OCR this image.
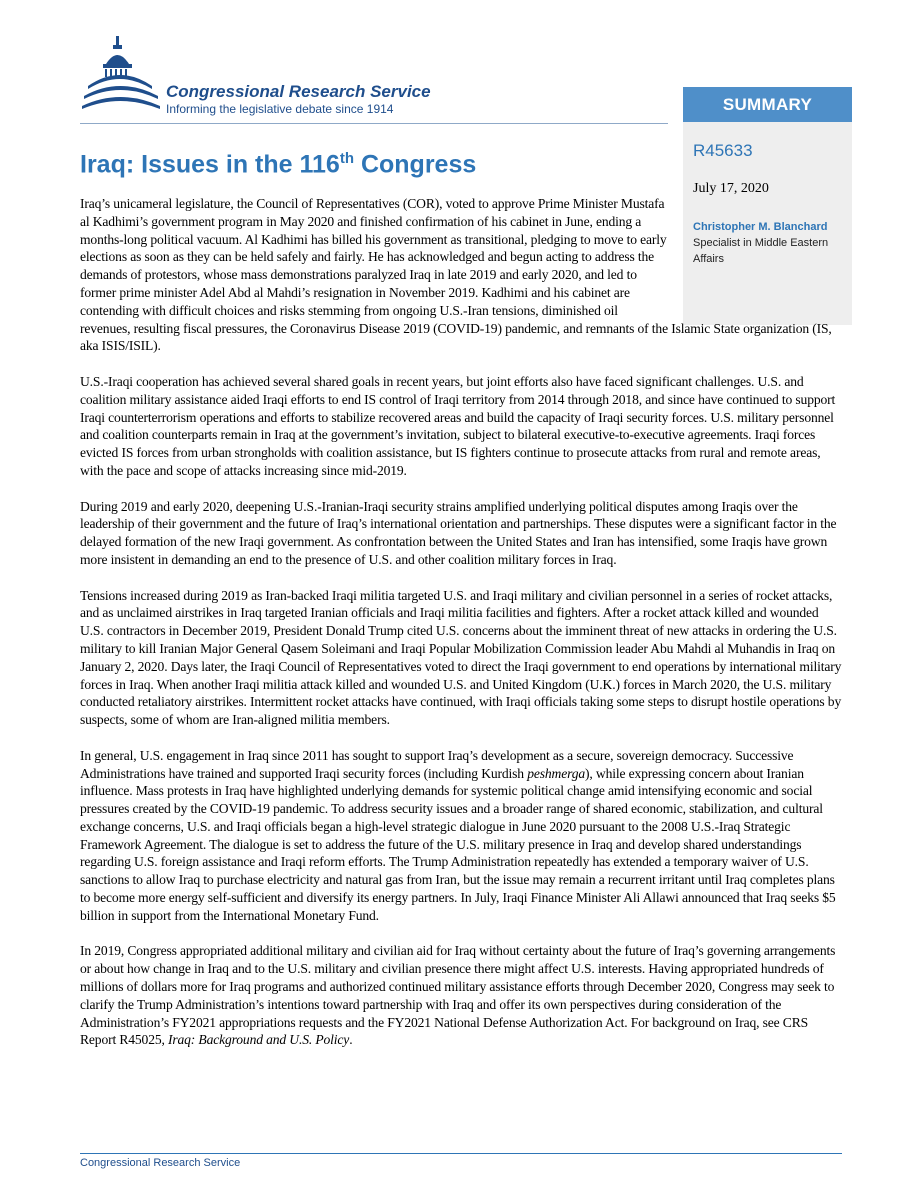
Congressional Research Service
Informing the legislative debate since 1914	SUMMARY
R45633
July 17, 2020
Christopher M. Blanchard
Specialist in Middle Eastern Affairs
Iraq: Issues in the 116th Congress

Iraq’s unicameral legislature, the Council of Representatives (COR), voted to approve Prime Minister Mustafa al Kadhimi’s government program in May 2020 and finished confirmation of his cabinet in June, ending a months-long political vacuum. Al Kadhimi has billed his government as transitional, pledging to move to early elections as soon as they can be held safely and fairly. He has acknowledged and begun acting to address the demands of protestors, whose mass demonstrations paralyzed Iraq in late 2019 and early 2020, and led to former prime minister Adel Abd al Mahdi’s resignation in November 2019. Kadhimi and his cabinet are contending with difficult choices and risks stemming from ongoing U.S.-Iran tensions, diminished oil

revenues, resulting fiscal pressures, the Coronavirus Disease 2019 (COVID-19) pandemic, and remnants of the Islamic State organization (IS, aka ISIS/ISIL).

U.S.-Iraqi cooperation has achieved several shared goals in recent years, but joint efforts also have faced significant challenges. U.S. and coalition military assistance aided Iraqi efforts to end IS control of Iraqi territory from 2014 through 2018, and since have continued to support Iraqi counterterrorism operations and efforts to stabilize recovered areas and build the capacity of Iraqi security forces. U.S. military personnel and coalition counterparts remain in Iraq at the government’s invitation, subject to bilateral executive-to-executive agreements. Iraqi forces evicted IS forces from urban strongholds with coalition assistance, but IS fighters continue to prosecute attacks from rural and remote areas, with the pace and scope of attacks increasing since mid-2019.

During 2019 and early 2020, deepening U.S.-Iranian-Iraqi security strains amplified underlying political disputes among Iraqis over the leadership of their government and the future of Iraq’s international orientation and partnerships. These disputes were a significant factor in the delayed formation of the new Iraqi government. As confrontation between the United States and Iran has intensified, some Iraqis have grown more insistent in demanding an end to the presence of U.S. and other coalition military forces in Iraq.

Tensions increased during 2019 as Iran-backed Iraqi militia targeted U.S. and Iraqi military and civilian personnel in a series of rocket attacks, and as unclaimed airstrikes in Iraq targeted Iranian officials and Iraqi militia facilities and fighters. After a rocket attack killed and wounded U.S. contractors in December 2019, President Donald Trump cited U.S. concerns about the imminent threat of new attacks in ordering the U.S. military to kill Iranian Major General Qasem Soleimani and Iraqi Popular Mobilization Commission leader Abu Mahdi al Muhandis in Iraq on January 2, 2020. Days later, the Iraqi Council of Representatives voted to direct the Iraqi government to end operations by international military forces in Iraq. When another Iraqi militia attack killed and wounded U.S. and United Kingdom (U.K.) forces in March 2020, the U.S. military conducted retaliatory airstrikes. Intermittent rocket attacks have continued, with Iraqi officials taking some steps to disrupt hostile operations by suspects, some of whom are Iran-aligned militia members.

In general, U.S. engagement in Iraq since 2011 has sought to support Iraq’s development as a secure, sovereign democracy. Successive Administrations have trained and supported Iraqi security forces (including Kurdish peshmerga), while expressing concern about Iranian influence. Mass protests in Iraq have highlighted underlying demands for systemic political change amid intensifying economic and social pressures created by the COVID-19 pandemic. To address security issues and a broader range of shared economic, stabilization, and cultural exchange concerns, U.S. and Iraqi officials began a high-level strategic dialogue in June 2020 pursuant to the 2008 U.S.-Iraq Strategic Framework Agreement. The dialogue is set to address the future of the U.S. military presence in Iraq and develop shared understandings regarding U.S. foreign assistance and Iraqi reform efforts. The Trump Administration repeatedly has extended a temporary waiver of U.S. sanctions to allow Iraq to purchase electricity and natural gas from Iran, but the issue may remain a recurrent irritant until Iraq completes plans to become more energy self-sufficient and diversify its energy partners. In July, Iraqi Finance Minister Ali Allawi announced that Iraq seeks $5 billion in support from the International Monetary Fund.

In 2019, Congress appropriated additional military and civilian aid for Iraq without certainty about the future of Iraq’s governing arrangements or about how change in Iraq and to the U.S. military and civilian presence there might affect U.S. interests. Having appropriated hundreds of millions of dollars more for Iraq programs and authorized continued military assistance efforts through December 2020, Congress may seek to clarify the Trump Administration’s intentions toward partnership with Iraq and offer its own perspectives during consideration of the Administration’s FY2021 appropriations requests and the FY2021 National Defense Authorization Act. For background on Iraq, see CRS Report R45025, Iraq: Background and U.S. Policy.

Congressional Research Service
